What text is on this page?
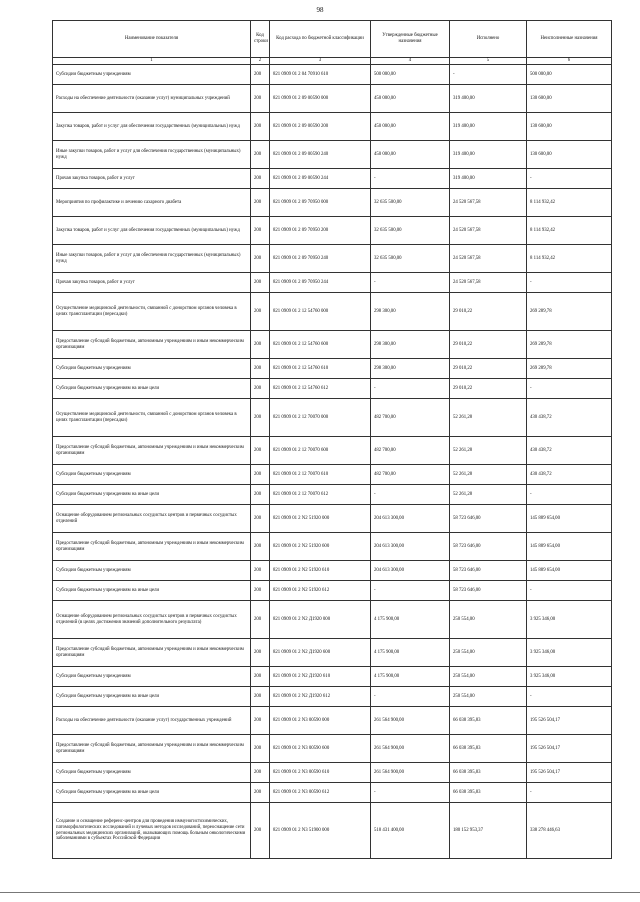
98
Наименование показателя	Код строки	Код расхода по бюджетной классификации	Утвержденные бюджетные назначения	Исполнено	Неисполненные назначения
1	2	3	4	5	6
Субсидии бюджетным учреждениям	200	821 0909 01 2 04 70910 610	500 000,00	-	500 000,00
Расходы на обеспечение деятельности (оказание услуг) муниципальных учреждений	200	821 0909 01 2 09 00590 000	450 000,00	319 400,00	130 600,00
Закупка товаров, работ и услуг для обеспечения государственных (муниципальных) нужд	200	821 0909 01 2 09 00590 200	450 000,00	319 400,00	130 600,00
Иные закупки товаров, работ и услуг для обеспечения государственных (муниципальных) нужд	200	821 0909 01 2 09 00590 240	450 000,00	319 400,00	130 600,00
Прочая закупка товаров, работ и услуг	200	821 0909 01 2 09 00590 244	-	319 400,00	-
Мероприятия по профилактике и лечению сахарного диабета	200	821 0909 01 2 09 70950 000	32 635 500,00	24 520 567,58	8 114 932,42
Закупка товаров, работ и услуг для обеспечения государственных (муниципальных) нужд	200	821 0909 01 2 09 70950 200	32 635 500,00	24 520 567,58	8 114 932,42
Иные закупки товаров, работ и услуг для обеспечения государственных (муниципальных) нужд	200	821 0909 01 2 09 70950 240	32 635 500,00	24 520 567,58	8 114 932,42
Прочая закупка товаров, работ и услуг	200	821 0909 01 2 09 70950 244	-	24 520 567,58	-
Осуществление медицинской деятельности, связанной с донорством органов человека в целях трансплантации (пересадки)	200	821 0909 01 2 12 54760 000	298 300,00	29 010,22	269 289,78
Предоставление субсидий бюджетным, автономным учреждениям и иным некоммерческим организациям	200	821 0909 01 2 12 54760 600	298 300,00	29 010,22	269 289,78
Субсидии бюджетным учреждениям	200	821 0909 01 2 12 54760 610	298 300,00	29 010,22	269 289,78
Субсидии бюджетным учреждениям на иные цели	200	821 0909 01 2 12 54760 612	-	29 010,22	-
Осуществление медицинской деятельности, связанной с донорством органов человека в целях трансплантации (пересадки)	200	821 0909 01 2 12 70070 000	482 700,00	52 261,28	430 438,72
Предоставление субсидий бюджетным, автономным учреждениям и иным некоммерческим организациям	200	821 0909 01 2 12 70070 600	482 700,00	52 261,28	430 438,72
Субсидии бюджетным учреждениям	200	821 0909 01 2 12 70070 610	482 700,00	52 261,28	430 438,72
Субсидии бюджетным учреждениям на иные цели	200	821 0909 01 2 12 70070 612	-	52 261,28	-
Оснащение оборудованием региональных сосудистых центров и первичных сосудистых отделений	200	821 0909 01 2 N2 51920 000	204 613 300,00	58 723 646,00	145 889 654,00
Предоставление субсидий бюджетным, автономным учреждениям и иным некоммерческим организациям	200	821 0909 01 2 N2 51920 600	204 613 300,00	58 723 646,00	145 889 654,00
Субсидии бюджетным учреждениям	200	821 0909 01 2 N2 51920 610	204 613 300,00	58 723 646,00	145 889 654,00
Субсидии бюджетным учреждениям на иные цели	200	821 0909 01 2 N2 51920 612	-	58 723 646,00	-
Оснащение оборудованием региональных сосудистых центров и первичных сосудистых отделений (в целях достижения значений дополнительного результата)	200	821 0909 01 2 N2 Д1920 000	4 175 900,00	250 554,00	3 925 346,00
Предоставление субсидий бюджетным, автономным учреждениям и иным некоммерческим организациям	200	821 0909 01 2 N2 Д1920 600	4 175 900,00	250 554,00	3 925 346,00
Субсидии бюджетным учреждениям	200	821 0909 01 2 N2 Д1920 610	4 175 900,00	250 554,00	3 925 346,00
Субсидии бюджетным учреждениям на иные цели	200	821 0909 01 2 N2 Д1920 612	-	250 554,00	-
Расходы на обеспечение деятельности (оказание услуг) государственных учреждений	200	821 0909 01 2 N3 00590 000	261 564 900,00	66 038 395,83	195 526 504,17
Предоставление субсидий бюджетным, автономным учреждениям и иным некоммерческим организациям	200	821 0909 01 2 N3 00590 600	261 564 900,00	66 038 395,83	195 526 504,17
Субсидии бюджетным учреждениям	200	821 0909 01 2 N3 00590 610	261 564 900,00	66 038 395,83	195 526 504,17
Субсидии бюджетным учреждениям на иные цели	200	821 0909 01 2 N3 00590 612	-	66 038 395,83	-
Создание и оснащение референс-центров для проведения иммуногистохимических, патоморфологических исследований и лучевых методов исследований, переоснащение сети региональных медицинских организаций, оказывающих помощь больным онкологическими заболеваниями в субъектах Российской Федерации	200	821 0909 01 2 N3 51900 000	518 431 400,00	180 152 953,37	338 278 446,63
